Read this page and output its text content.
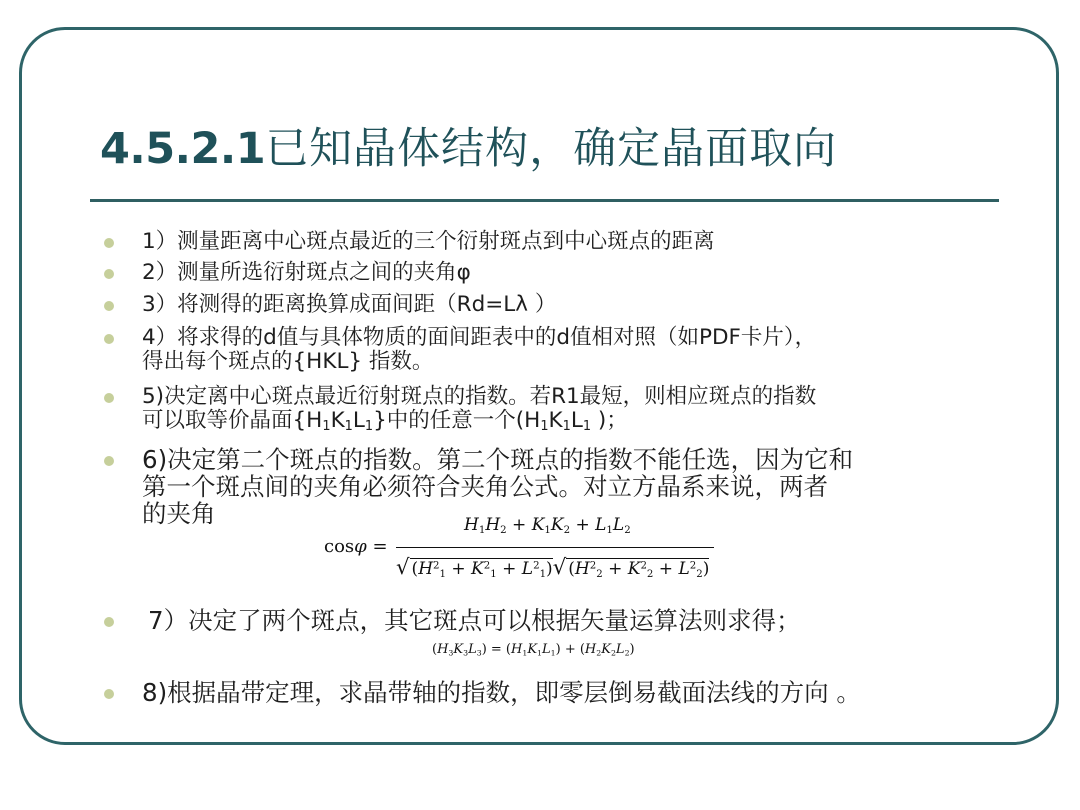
4.5.2.1已知晶体结构，确定晶面取向
1）测量距离中心斑点最近的三个衍射斑点到中心斑点的距离
2）测量所选衍射斑点之间的夹角φ
3）将测得的距离换算成面间距（Rd=Lλ ）
4）将求得的d值与具体物质的面间距表中的d值相对照（如PDF卡片），
得出每个斑点的{HKL} 指数。
5)决定离中心斑点最近衍射斑点的指数。若R1最短，则相应斑点的指数
可以取等价晶面$\{H_1K_1L_1\}$中的任意一个($H_1K_1L_1$ )；
6)决定第二个斑点的指数。第二个斑点的指数不能任选，因为它和
第一个斑点间的夹角必须符合夹角公式。对立方晶系来说，两者
的夹角
cosφ =
$H_1H_2 + K_1K_2 + L_1L_2$
√ $(H^2_1 + K^2_1 + L^2_1)√$ $(H^2_2 + K^2_2 + L^2_2)$
7）决定了两个斑点，其它斑点可以根据矢量运算法则求得；
$(H_3K_3L_3) = (H_1K_1L_1) + (H_2K_2L_2)$
8)根据晶带定理，求晶带轴的指数，即零层倒易截面法线的方向 。
